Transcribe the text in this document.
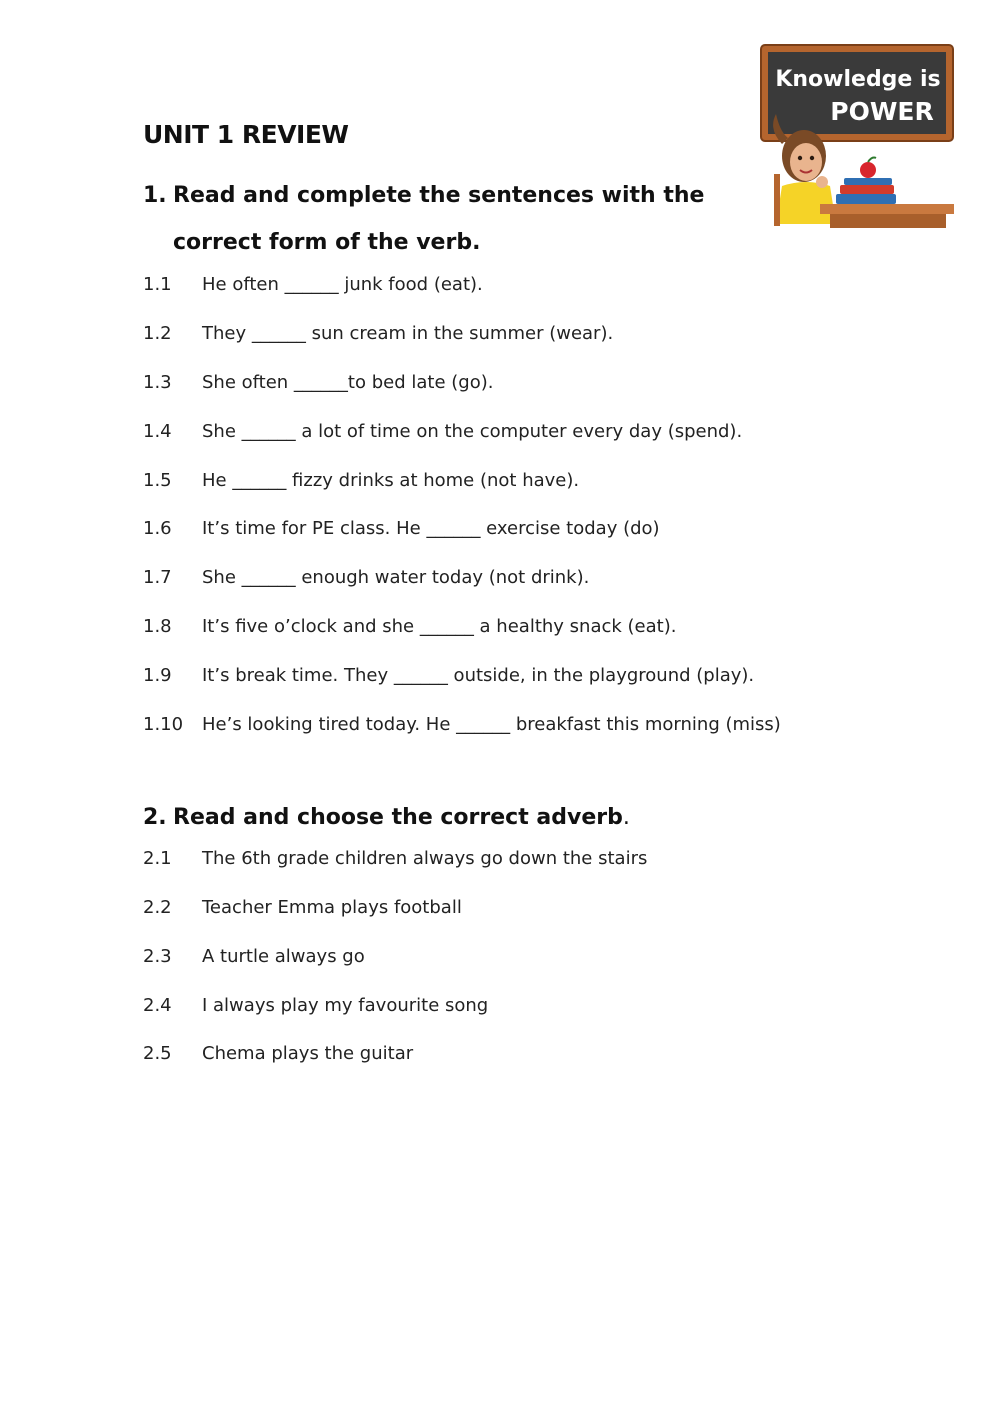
UNIT 1 REVIEW
Knowledge is
POWER
1. Read and complete the sentences with the
correct form of the verb.
1.1 He often ______ junk food (eat).
1.2 They ______ sun cream in the summer (wear).
1.3 She often ______to bed late (go).
1.4 She ______ a lot of time on the computer every day (spend).
1.5 He ______ fizzy drinks at home (not have).
1.6 It’s time for PE class. He ______ exercise today (do)
1.7 She ______ enough water today (not drink).
1.8 It’s five o’clock and she ______ a healthy snack (eat).
1.9 It’s break time. They ______ outside, in the playground (play).
1.10 He’s looking tired today. He ______ breakfast this morning (miss)
2. Read and choose the correct adverb.
2.1 The 6th grade children always go down the stairs
2.2 Teacher Emma plays football
2.3 A turtle always go
2.4 I always play my favourite song
2.5 Chema plays the guitar
